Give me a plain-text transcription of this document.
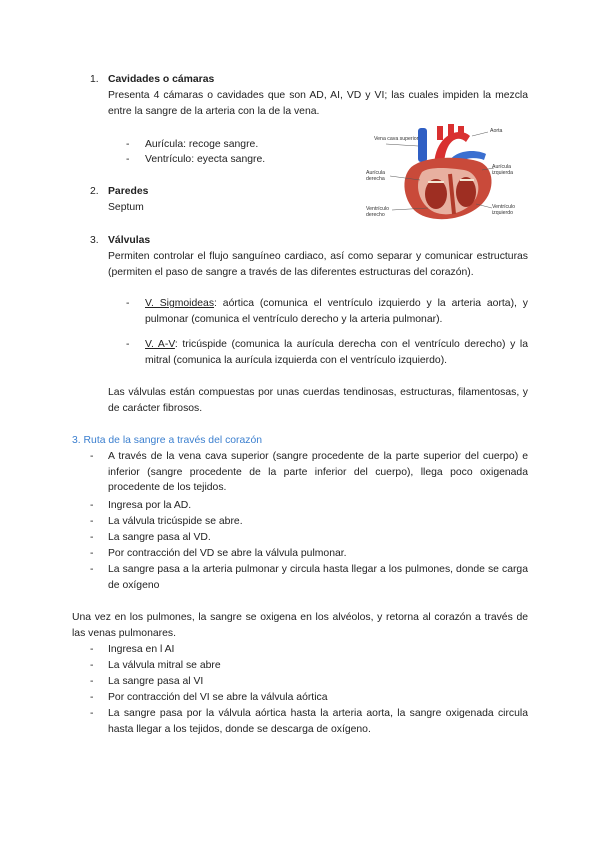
1. Cavidades o cámaras
Presenta 4 cámaras o cavidades que son AD, AI, VD y VI; las cuales impiden la mezcla entre la sangre de la arteria con la de la vena.
- Aurícula: recoge sangre.
- Ventrículo: eyecta sangre.
Vena cava superior
Aorta
Aurícula izquierda
Aurícula derecha
Ventrículo izquierdo
Ventrículo derecho
2. Paredes
Septum
3. Válvulas
Permiten controlar el flujo sanguíneo cardiaco, así como separar y comunicar estructuras (permiten el paso de sangre a través de las diferentes estructuras del corazón).
- V. Sigmoideas: aórtica (comunica el ventrículo izquierdo y la arteria aorta), y pulmonar (comunica el ventrículo derecho y la arteria pulmonar).
- V. A-V: tricúspide (comunica la aurícula derecha con el ventrículo derecho) y la mitral (comunica la aurícula izquierda con el ventrículo izquierdo).
Las válvulas están compuestas por unas cuerdas tendinosas, estructuras, filamentosas, y de carácter fibrosos.
3. Ruta de la sangre a través del corazón
- A través de la vena cava superior (sangre procedente de la parte superior del cuerpo) e inferior (sangre procedente de la parte inferior del cuerpo), llega poco oxigenada procedente de los tejidos.
- Ingresa por la AD.
- La válvula tricúspide se abre.
- La sangre pasa al VD.
- Por contracción del VD se abre la válvula pulmonar.
- La sangre pasa a la arteria pulmonar y circula hasta llegar a los pulmones, donde se carga de oxígeno
Una vez en los pulmones, la sangre se oxigena en los alvéolos, y retorna al corazón a través de las venas pulmonares.
- Ingresa en l AI
- La válvula mitral se abre
- La sangre pasa al VI
- Por contracción del VI se abre la válvula aórtica
- La sangre pasa por la válvula aórtica hasta la arteria aorta, la sangre oxigenada circula hasta llegar a los tejidos, donde se descarga de oxígeno.
